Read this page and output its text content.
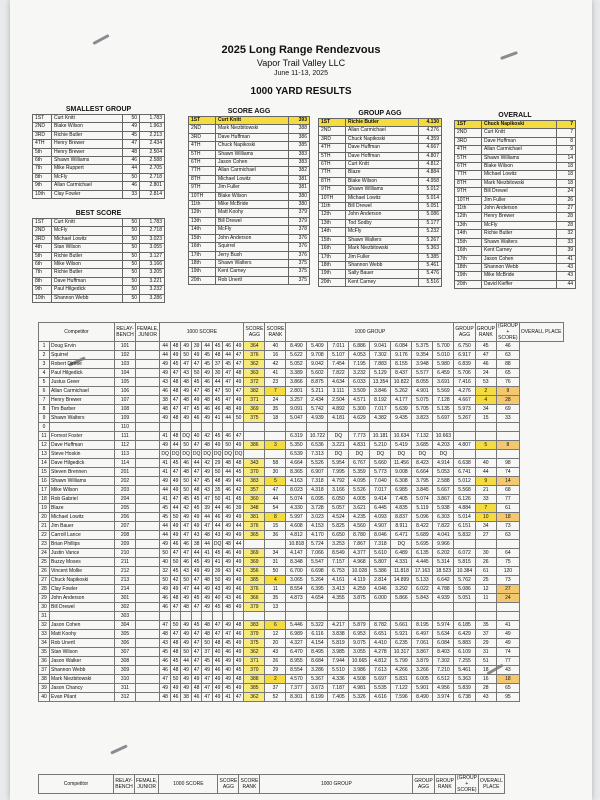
2025 Long Range Rendezvous
Vapor Trail Valley LLC
June 11-13, 2025
1000 YARD RESULTS
SMALLEST GROUP
1ST	Curt Knitt	50	1.783
2ND	Blake Wilson	49	1.963
3RD	Richie Butler	45	2.213
4TH	Henry Brewer	47	2.434
5th	Henry Brewer	48	2.504
6th	Shawn Williams	46	2.588
7th	Mike Ruppert	44	2.705
8th	McFly	50	2.718
9th	Allan Carmichael	46	2.801
10th	Clay Fowler	33	2.814
BEST SCORE
1ST	Curt Knitt	50	1.783
2ND	McFly	50	2.718
3RD	Michael Lowitz	50	3.023
4th	Stan Wilson	50	3.055
5th	Richie Butler	50	3.127
6th	Mike Wilson	50	3.166
7th	Richie Butler	50	3.205
8th	Dave Huffman	50	3.221
9th	Paul Hilgedick	50	3.232
10th	Shannon Webb	50	3.286
SCORE AGG
1ST	Curt Knitt	393
2ND	Mark Niezbitowski	388
3RD	Dave Huffman	386
4TH	Chuck Napikoski	385
5TH	Shawn Williams	383
6TH	Jason Cohen	383
7TH	Allan Carmichael	382
8TH	Michael Lowitz	381
9TH	Jim Fuller	381
10TH	Blake Wilson	380
11th	Mike McBride	380
12th	Matt Koohy	379
13th	Bill Drewel	379
14th	McFly	378
15th	John Anderson	376
16th	Squirrel	376
17th	Jerry Bush	376
18th	Shawn Walters	375
19th	Kent Carney	375
20th	Rob Unertl	375
GROUP AGG
1ST	Richie Butler	4.130
2ND	Allan Carmichael	4.276
3RD	Chuck Napikoski	4.359
4TH	Dave Huffman	4.667
5TH	Dave Hoffman	4.807
6TH	Curt Knitt	4.812
7TH	Blaze	4.884
8TH	Blake Wilson	4.958
9TH	Shawn Williams	5.012
10TH	Michael Lowitz	5.014
11th	Bill Drewel	5.051
12th	John Anderson	5.086
13th	Tod Sodby	5.177
14th	McFly	5.232
15th	Shawn Walters	5.267
16th	Mark Niezbitowski	5.363
17th	Jim Fuller	5.385
18th	Shannon Webb	5.461
19th	Sally Bauer	5.476
20th	Kent Carney	5.516
OVERALL
1ST	Chuck Napikoski	7
2ND	Curt Knitt	7
3RD	Dave Huffman	8
4TH	Allan Carmichael	9
5TH	Shawn Williams	14
6TH	Blake Wilson	18
7TH	Michael Lowitz	18
8TH	Mark Niezbitowski	18
9TH	Bill Drewel	24
10TH	Jim Fuller	26
11th	John Anderson	27
12th	Henry Brewer	28
13th	McFly	28
14th	Richie Butler	32
15th	Shawn Walters	33
16th	Kent Carney	39
17th	Jason Cohen	41
18th	Shannon Webb	43
19th	Mike McBride	43
20th	David Kieffer	44
Competitor		RELAY-BENCH	FEMALE, JUNIOR	1000 SCORE								SCORE AGG	SCORE RANK	1000 GROUP								GROUP AGG	GROUP RANK	(GROUP + SCORE)	OVERALL PLACE
1	Doug Ervin	101		44	48	49	39	44	45	46	49	364	40	8.490	5.409	7.011	6.886	9.041	6.084	5.375	5.700	6.750	45	46	
2	Squirrel	102		44	49	50	49	45	48	44	47	376	16	5.622	9.708	5.107	4.053	7.302	9.176	9.354	5.010	6.917	47	63	
3	Robert Dirose	103		49	45	47	47	45	37	45	47	362	42	5.052	9.042	7.454	7.195	7.883	8.155	3.948	5.980	6.839	46	88	
4	Paul Hilgedick	104		49	47	43	50	49	30	47	48	363	41	3.389	5.602	7.822	3.232	5.129	8.437	5.577	6.459	5.706	24	65	
5	Justus Greer	105		43	48	48	45	46	44	47	49	372	23	3.866	8.875	4.634	6.033	13.354	10.822	8.055	3.691	7.416	53	76	
6	Allan Carmichael	106		46	48	49	47	48	47	50	47	382	7	2.801	5.211	3.111	3.509	3.846	5.262	4.901	5.569	4.276	2	9	
7	Henry Brewer	107		38	47	48	49	48	45	47	49	371	24	3.257	2.434	2.504	4.571	8.192	4.177	5.075	7.128	4.667	4	28	
8	Tim Barber	108		48	47	47	45	46	46	48	49	369	35	9.091	5.742	4.892	5.300	7.017	5.639	5.705	5.135	5.973	34	69	
9	Shawn Walters	109		49	48	49	46	49	41	44	50	375	18	5.047	4.939	4.181	4.629	4.382	9.435	3.823	5.697	5.267	15	33	
0		110																							
11	Forrest Foster	111		41	48	DQ	40	42	45	46	47			6.319	10.722	DQ	7.773	10.181	10.634	7.132	10.663				
12	Dave Huffman	112		49	44	50	47	48	49	50	49	386	3	5.350	6.536	3.221	4.831	5.210	5.419	3.685	4.203	4.807	5	8	
13	Steve Hoskin	113		DQ	DQ	DQ	DQ	DQ	DQ	DQ	DQ			6.539	7.313	DQ	DQ	DQ	DQ	DQ	DQ				
14	Dave Hilgedick	114		41	45	46	44	42	29	48	48	343	58	4.664	5.526	5.954	6.767	5.660	11.456	8.423	4.914	6.638	40	98	
15	Steven Brennen	201		41	47	48	47	49	50	44	45	370	30	8.365	6.907	7.995	5.359	5.773	9.008	6.664	5.053	6.741	44	74	
16	Shawn Williams	202		49	49	50	47	45	48	49	46	383	5	4.163	7.318	4.792	4.095	7.040	6.308	3.795	2.588	5.012	9	14	
17	Mike Wilson	203		44	49	50	48	43	35	46	42	357	47	8.023	4.318	3.166	5.526	7.017	6.985	3.845	5.667	5.568	21	68	
18	Rob Gabriel	204		41	47	45	45	47	50	41	45	360	44	5.074	6.095	6.050	4.005	9.414	7.405	5.074	3.867	6.126	33	77	
19	Blaze	205		45	44	42	45	39	44	46	39	348	54	4.330	3.728	5.057	3.621	6.445	4.835	5.119	5.938	4.884	7	61	
20	Michael Lowitz	206		45	50	49	49	44	46	49	49	381	8	5.997	3.023	4.524	4.235	4.093	8.837	5.096	6.303	5.014	10	18	
21	Jim Bauer	207		44	49	47	49	47	44	49	44	376	15	4.608	4.153	5.825	4.560	4.907	8.911	8.422	7.822	6.151	34	73	
22	Carroll Lance	208		44	49	47	43	48	43	49	49	365	36	4.812	4.170	6.650	8.780	8.046	6.471	5.689	4.041	5.832	27	63	
23	Brian Phillips	209		49	46	46	38	44	DQ	48	44			10.818	5.724	3.253	7.867	7.318	DQ	5.695	9.966				
24	Justin Vance	210		50	47	47	44	41	45	46	49	369	34	4.147	7.066	8.549	4.377	5.610	6.489	6.135	6.202	6.072	30	64	
25	Buzzy Moses	211		40	50	46	45	49	41	49	49	369	31	8.348	5.547	7.157	4.968	5.807	4.331	4.445	5.314	5.815	26	75	
26	Vincent Mollie	212		32	45	43	49	49	39	43	42	356	50	6.700	6.698	6.753	10.028	5.386	11.818	17.163	18.523	10.384	61	120	
27	Chuck Napikoski	213		50	42	50	47	48	50	49	49	385	4	3.065	5.264	4.161	4.119	2.814	14.899	5.133	6.642	5.762	25	73	
28	Clay Fowler	214		49	49	47	44	49	43	49	46	376	11	8.554	6.395	3.413	4.259	4.046	3.292	6.022	4.788	5.086	12	27	
29	John Anderson	301		46	48	49	45	49	40	43	46	366	35	4.873	4.654	4.355	3.875	6.000	5.866	5.843	4.939	5.051	11	24	
30	Bill Drewel	302		46	47	48	47	49	45	48	49	379	13												
31		303																							
32	Jason Cohen	304		47	50	49	45	48	47	49	48	383	6	5.446	5.322	4.217	5.879	8.782	5.661	8.195	5.974	6.185	35	41	
33	Matt Koohy	305		48	47	49	47	48	47	47	46	379	12	6.989	6.116	3.838	6.953	6.651	5.921	6.497	5.634	6.429	37	49	
34	Rob Unertl	306		43	48	49	47	50	48	45	49	375	20	4.327	4.154	5.819	9.075	4.410	6.235	7.061	6.084	5.883	29	49	
35	Stan Wilson	307		45	48	50	47	37	40	46	49	362	43	6.470	8.495	3.985	3.055	4.278	10.317	3.867	8.403	6.109	31	74	
36	Jason Walker	308		46	45	44	47	45	46	49	49	371	26	8.955	8.684	7.944	10.665	4.812	5.799	3.879	7.302	7.255	51	77	
37	Shannon Webb	309		46	48	49	47	49	46	40	45	370	29	8.554	3.286	5.510	3.986	7.613	4.266	3.266	7.210	5.461	18	43	
38	Mark Niezbitowski	310		47	50	49	49	47	49	49	48	388	2	4.570	5.367	4.336	4.508	5.697	5.831	6.005	6.512	5.363	16	18	
39	Jason Chancy	311		49	49	49	48	47	49	45	49	385	37	7.377	3.673	7.187	4.981	5.535	7.122	5.901	4.956	5.839	28	65	
40	Evan Pilant	312		48	46	38	46	47	49	41	47	362	52	8.301	8.199	7.405	5.326	4.616	7.596	8.490	3.974	6.738	43	95	
Competitor	RELAY-BENCH	FEMALE, JUNIOR	1000 SCORE	SCORE AGG	SCORE RANK	1000 GROUP	GROUP AGG	GROUP RANK	(GROUP + SCORE)	OVERALL PLACE
